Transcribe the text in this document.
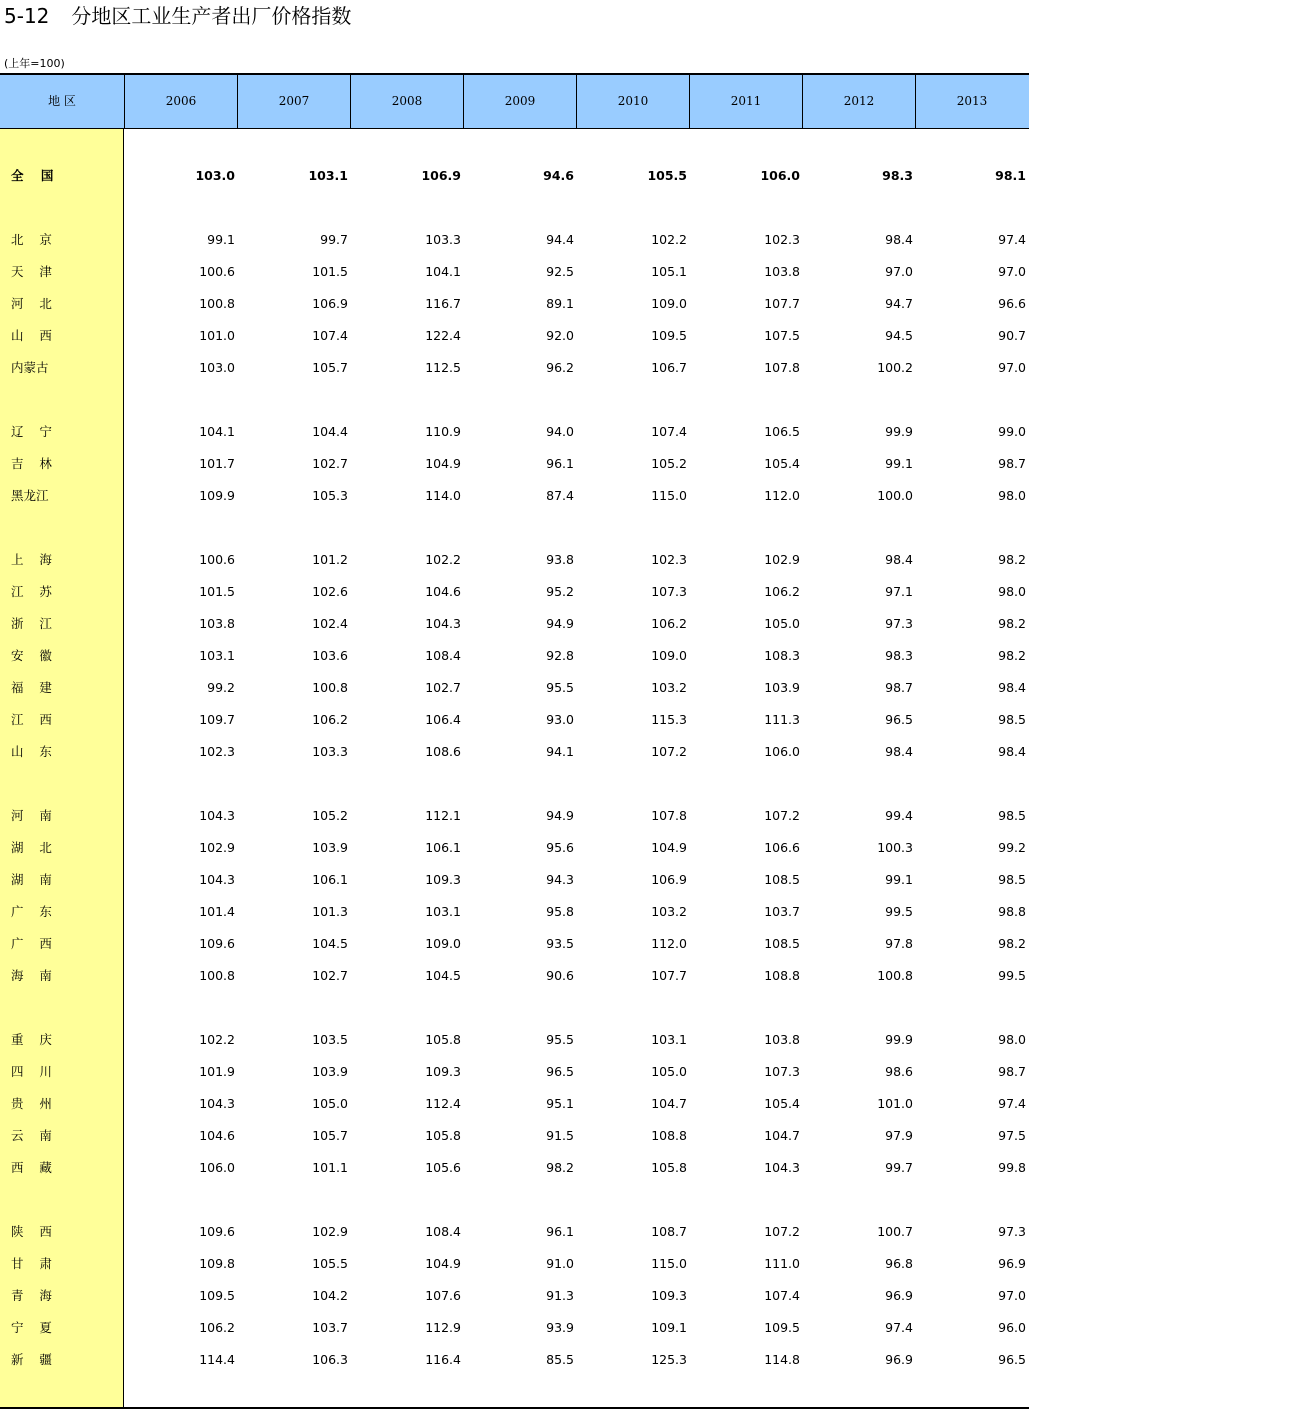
5-12 分地区工业生产者出厂价格指数
(上年=100)
地 区	2006	2007	2008	2009	2010	2011	2012	2013
全    国	103.0	103.1	106.9	94.6	105.5	106.0	98.3	98.1
北    京	99.1	99.7	103.3	94.4	102.2	102.3	98.4	97.4
天    津	100.6	101.5	104.1	92.5	105.1	103.8	97.0	97.0
河    北	100.8	106.9	116.7	89.1	109.0	107.7	94.7	96.6
山    西	101.0	107.4	122.4	92.0	109.5	107.5	94.5	90.7
内蒙古	103.0	105.7	112.5	96.2	106.7	107.8	100.2	97.0
辽    宁	104.1	104.4	110.9	94.0	107.4	106.5	99.9	99.0
吉    林	101.7	102.7	104.9	96.1	105.2	105.4	99.1	98.7
黑龙江	109.9	105.3	114.0	87.4	115.0	112.0	100.0	98.0
上    海	100.6	101.2	102.2	93.8	102.3	102.9	98.4	98.2
江    苏	101.5	102.6	104.6	95.2	107.3	106.2	97.1	98.0
浙    江	103.8	102.4	104.3	94.9	106.2	105.0	97.3	98.2
安    徽	103.1	103.6	108.4	92.8	109.0	108.3	98.3	98.2
福    建	99.2	100.8	102.7	95.5	103.2	103.9	98.7	98.4
江    西	109.7	106.2	106.4	93.0	115.3	111.3	96.5	98.5
山    东	102.3	103.3	108.6	94.1	107.2	106.0	98.4	98.4
河    南	104.3	105.2	112.1	94.9	107.8	107.2	99.4	98.5
湖    北	102.9	103.9	106.1	95.6	104.9	106.6	100.3	99.2
湖    南	104.3	106.1	109.3	94.3	106.9	108.5	99.1	98.5
广    东	101.4	101.3	103.1	95.8	103.2	103.7	99.5	98.8
广    西	109.6	104.5	109.0	93.5	112.0	108.5	97.8	98.2
海    南	100.8	102.7	104.5	90.6	107.7	108.8	100.8	99.5
重    庆	102.2	103.5	105.8	95.5	103.1	103.8	99.9	98.0
四    川	101.9	103.9	109.3	96.5	105.0	107.3	98.6	98.7
贵    州	104.3	105.0	112.4	95.1	104.7	105.4	101.0	97.4
云    南	104.6	105.7	105.8	91.5	108.8	104.7	97.9	97.5
西    藏	106.0	101.1	105.6	98.2	105.8	104.3	99.7	99.8
陕    西	109.6	102.9	108.4	96.1	108.7	107.2	100.7	97.3
甘    肃	109.8	105.5	104.9	91.0	115.0	111.0	96.8	96.9
青    海	109.5	104.2	107.6	91.3	109.3	107.4	96.9	97.0
宁    夏	106.2	103.7	112.9	93.9	109.1	109.5	97.4	96.0
新    疆	114.4	106.3	116.4	85.5	125.3	114.8	96.9	96.5
